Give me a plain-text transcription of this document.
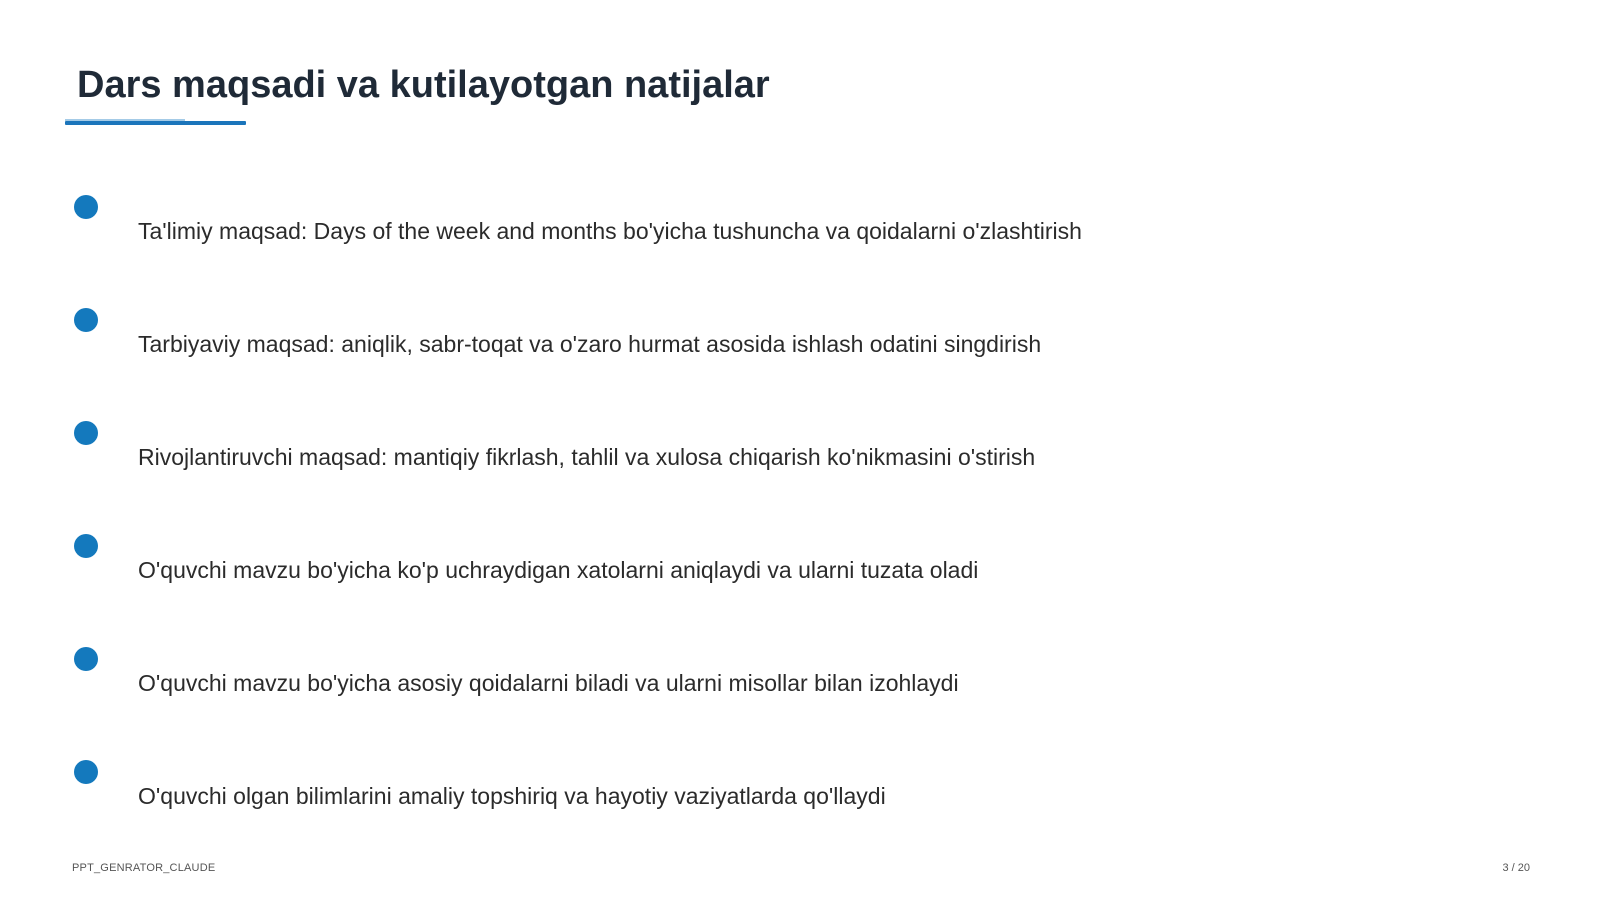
Dars maqsadi va kutilayotgan natijalar
Ta'limiy maqsad: Days of the week and months bo'yicha tushuncha va qoidalarni o'zlashtirish
Tarbiyaviy maqsad: aniqlik, sabr-toqat va o'zaro hurmat asosida ishlash odatini singdirish
Rivojlantiruvchi maqsad: mantiqiy fikrlash, tahlil va xulosa chiqarish ko'nikmasini o'stirish
O'quvchi mavzu bo'yicha ko'p uchraydigan xatolarni aniqlaydi va ularni tuzata oladi
O'quvchi mavzu bo'yicha asosiy qoidalarni biladi va ularni misollar bilan izohlaydi
O'quvchi olgan bilimlarini amaliy topshiriq va hayotiy vaziyatlarda qo'llaydi
PPT_GENRATOR_CLAUDE	3 / 20
